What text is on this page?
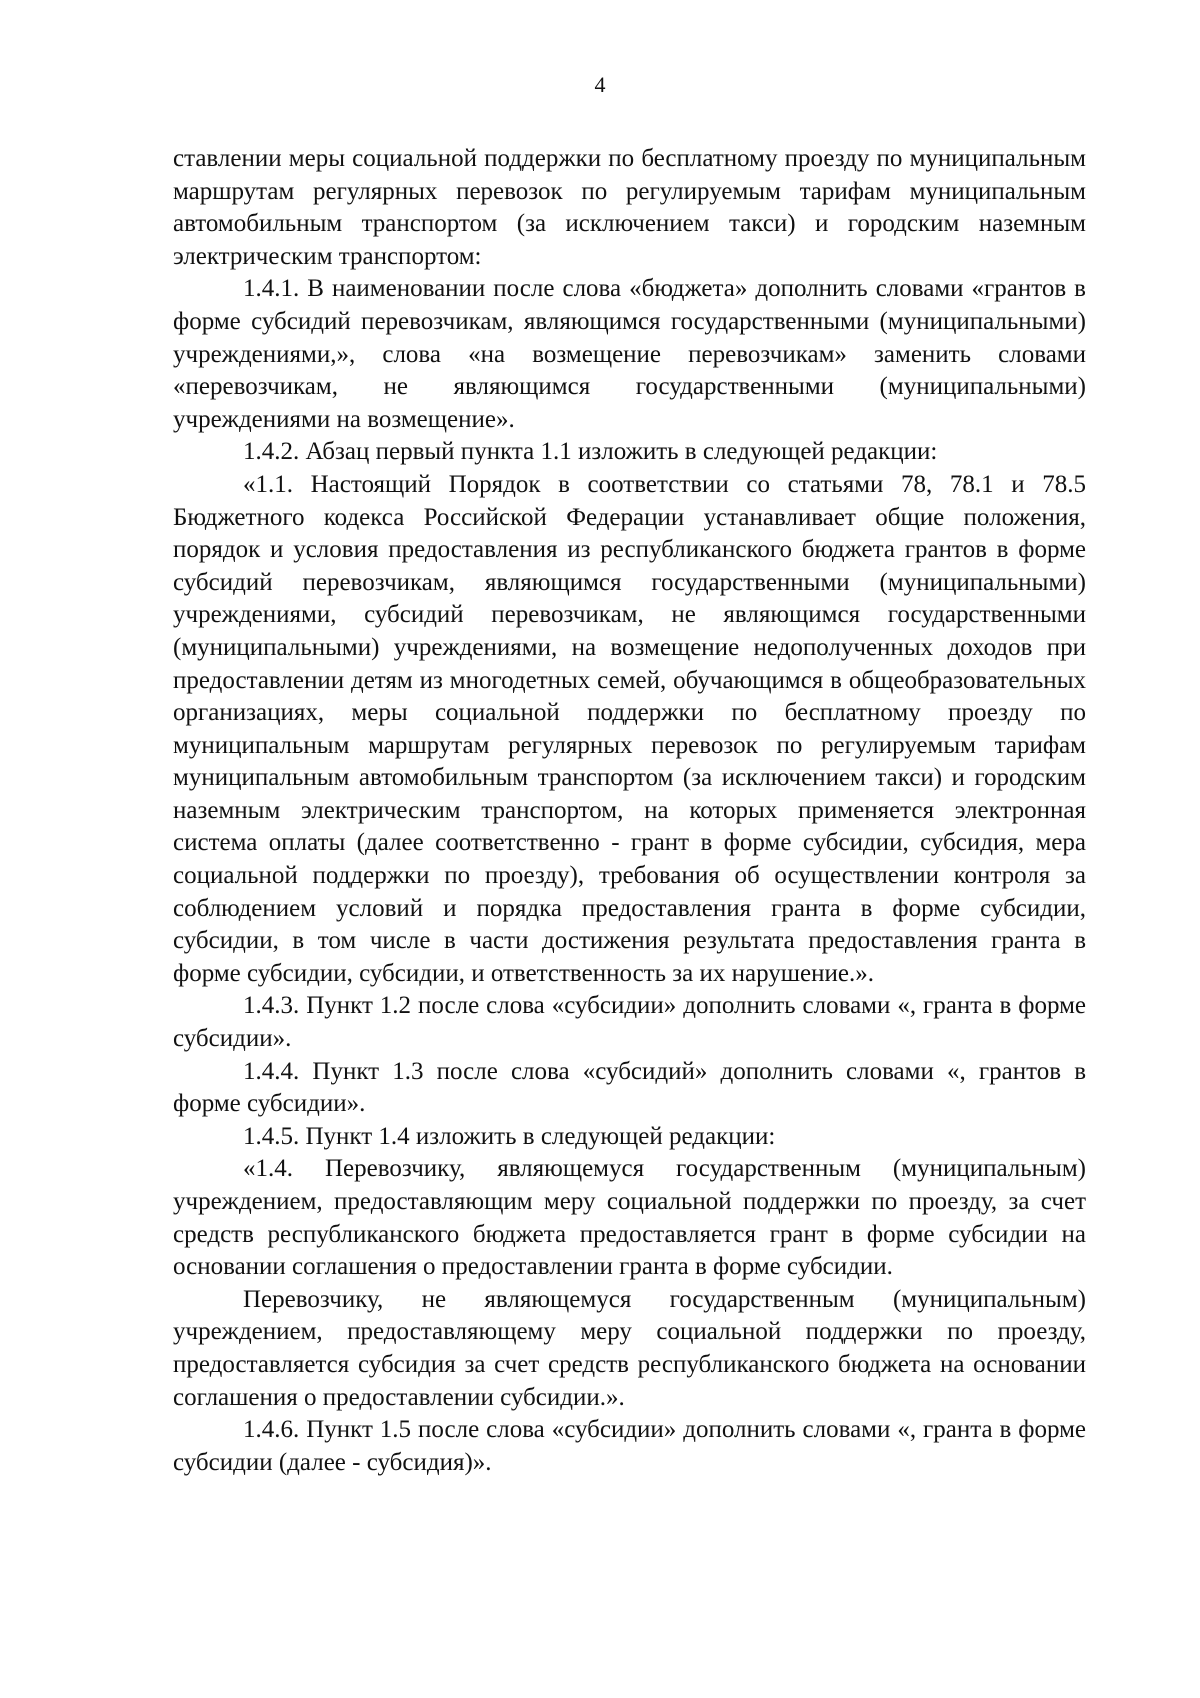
4

ставлении меры социальной поддержки по бесплатному проезду по муниципальным маршрутам регулярных перевозок по регулируемым тарифам муниципальным автомобильным транспортом (за исключением такси) и городским наземным электрическим транспортом:

1.4.1. В наименовании после слова «бюджета» дополнить словами «грантов в форме субсидий перевозчикам, являющимся государственными (муниципальными) учреждениями,», слова «на возмещение перевозчикам» заменить словами «перевозчикам, не являющимся государственными (муниципальными) учреждениями на возмещение».

1.4.2. Абзац первый пункта 1.1 изложить в следующей редакции:

«1.1. Настоящий Порядок в соответствии со статьями 78, 78.1 и 78.5 Бюджетного кодекса Российской Федерации устанавливает общие положения, порядок и условия предоставления из республиканского бюджета грантов в форме субсидий перевозчикам, являющимся государственными (муниципальными) учреждениями, субсидий перевозчикам, не являющимся государственными (муниципальными) учреждениями, на возмещение недополученных доходов при предоставлении детям из многодетных семей, обучающимся в общеобразовательных организациях, меры социальной поддержки по бесплатному проезду по муниципальным маршрутам регулярных перевозок по регулируемым тарифам муниципальным автомобильным транспортом (за исключением такси) и городским наземным электрическим транспортом, на которых применяется электронная система оплаты (далее соответственно - грант в форме субсидии, субсидия, мера социальной поддержки по проезду), требования об осуществлении контроля за соблюдением условий и порядка предоставления гранта в форме субсидии, субсидии, в том числе в части достижения результата предоставления гранта в форме субсидии, субсидии, и ответственность за их нарушение.».

1.4.3. Пункт 1.2 после слова «субсидии» дополнить словами «, гранта в форме субсидии».

1.4.4. Пункт 1.3 после слова «субсидий» дополнить словами «, грантов в форме субсидии».

1.4.5. Пункт 1.4 изложить в следующей редакции:

«1.4. Перевозчику, являющемуся государственным (муниципальным) учреждением, предоставляющим меру социальной поддержки по проезду, за счет средств республиканского бюджета предоставляется грант в форме субсидии на основании соглашения о предоставлении гранта в форме субсидии.

Перевозчику, не являющемуся государственным (муниципальным) учреждением, предоставляющему меру социальной поддержки по проезду, предоставляется субсидия за счет средств республиканского бюджета на основании соглашения о предоставлении субсидии.».

1.4.6. Пункт 1.5 после слова «субсидии» дополнить словами «, гранта в форме субсидии (далее - субсидия)».
